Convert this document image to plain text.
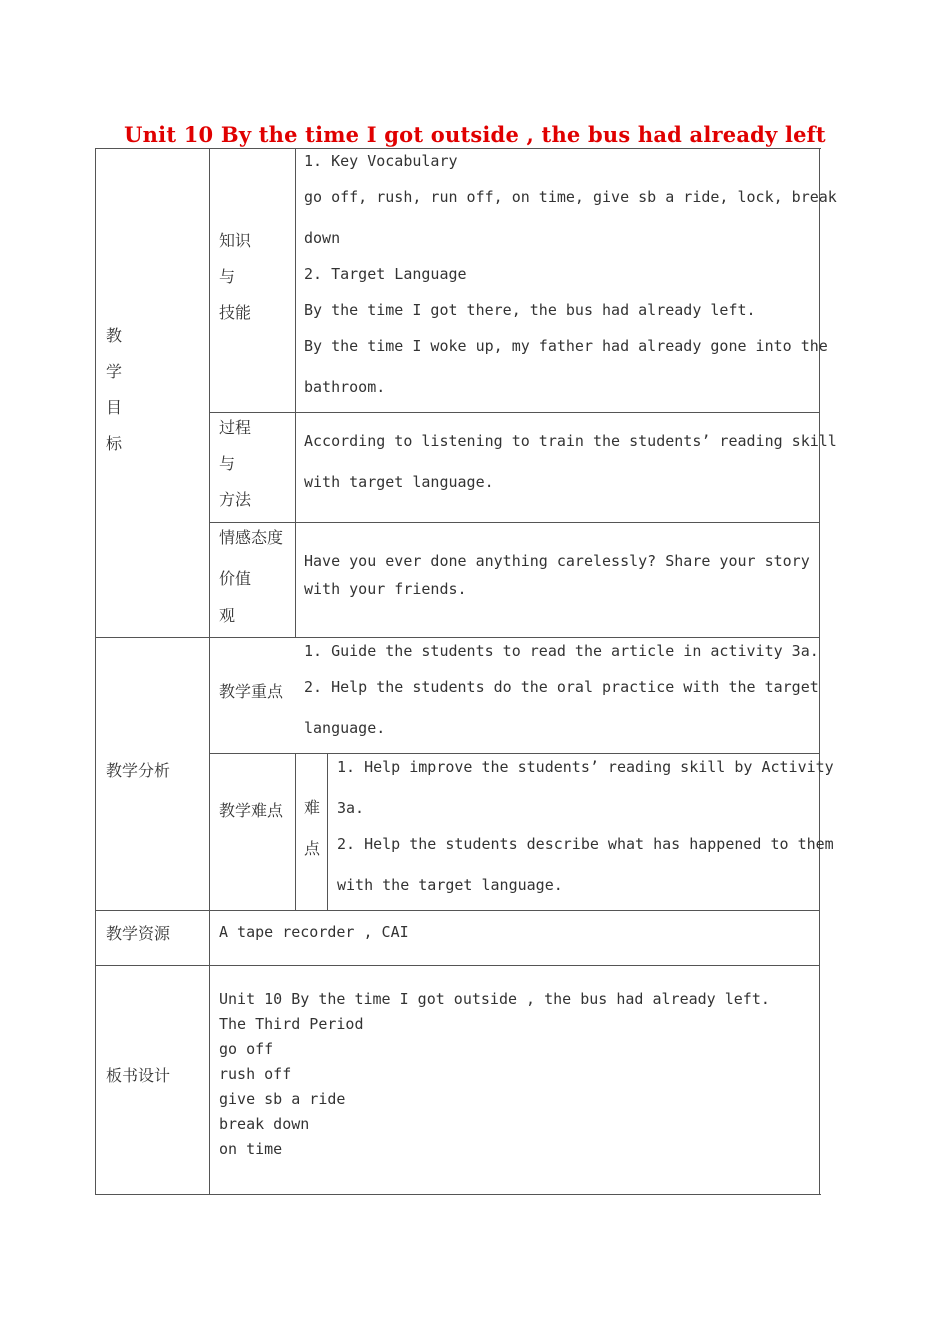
Unit 10 By the time I got outside , the bus had already left
教
学
目
标
知识
与
技能
1. Key Vocabulary
go off, rush, run off, on time, give sb a ride, lock, break
down
2. Target Language
By the time I got there, the bus had already left.
By the time I woke up, my father had already gone into the
bathroom.
过程
与
方法
According to listening to train the students’ reading skill
with target language.
情感态度
价值
观
Have you ever done anything carelessly? Share your story
with your friends.
教学分析
教学重点
1. Guide the students to read the article in activity 3a.
2. Help the students do the oral practice with the target
language.
教学难点 难
点
1. Help improve the students’ reading skill by Activity
3a.
2. Help the students describe what has happened to them
with the target language.
教学资源	A tape recorder , CAI
板书设计
Unit 10 By the time I got outside , the bus had already left.
The Third Period
go off
rush off
give sb a ride
break down
on time
